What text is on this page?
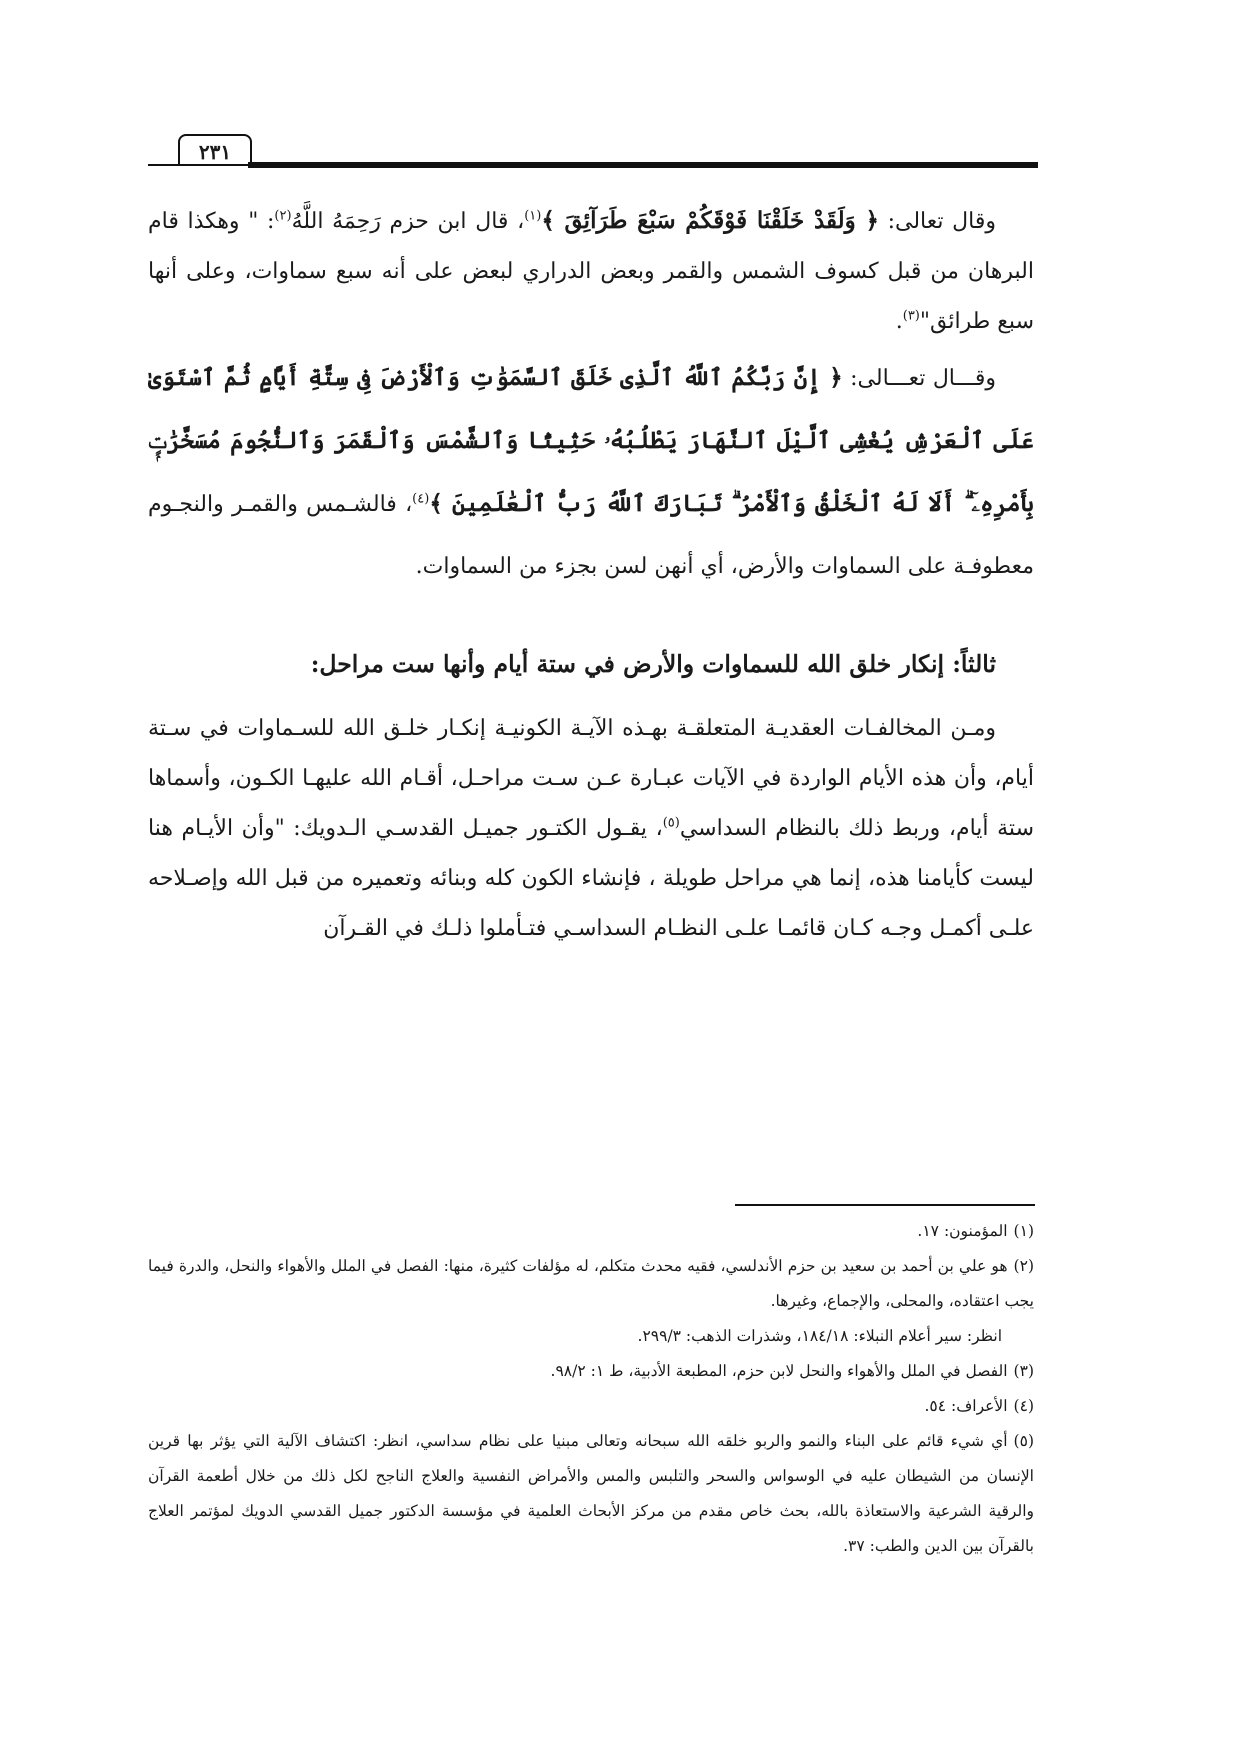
٢٣١

وقال تعالى: ﴿ وَلَقَدْ خَلَقْنَا فَوْقَكُمْ سَبْعَ طَرَآئِقَ ﴾$^{(١)}$، قال ابن حزم رَحِمَهُ اللَّهُ$^{(٢)}$: " وهكذا قام البرهان من قبل كسوف الشمس والقمر وبعض الدراري لبعض على أنه سبع سماوات، وعلى أنها سبع طرائق"$^{(٣)}$.

وقـــال تعـــالى: ﴿ إِنَّ رَبَّكُمُ ٱللَّهُ ٱلَّذِى خَلَقَ ٱلسَّمَوَٰتِ وَٱلْأَرْضَ فِى سِتَّةِ أَيَّامٍ ثُمَّ ٱسْتَوَىٰ عَلَى ٱلْعَرْشِ يُغْشِى ٱلَّيْلَ ٱلنَّهَارَ يَطْلُبُهُۥ حَثِيثًا وَٱلشَّمْسَ وَٱلْقَمَرَ وَٱلنُّجُومَ مُسَخَّرَٰتٍۭ بِأَمْرِهِۦٓ ۗ أَلَا لَهُ ٱلْخَلْقُ وَٱلْأَمْرُ ۗ تَبَارَكَ ٱللَّهُ رَبُّ ٱلْعَٰلَمِينَ ﴾$^{(٤)}$، فالشـمس والقمـر والنجـوم معطوفـة على السماوات والأرض، أي أنهن لسن بجزء من السماوات.

ثالثاً: إنكار خلق الله للسماوات والأرض في ستة أيام وأنها ست مراحل:

ومـن المخالفـات العقديـة المتعلقـة بهـذه الآيـة الكونيـة إنكـار خلـق الله للسـماوات في سـتة أيام، وأن هذه الأيام الواردة في الآيات عبـارة عـن سـت مراحـل، أقـام الله عليهـا الكـون، وأسماها ستة أيام، وربط ذلك بالنظام السداسي$^{(٥)}$، يقـول الكتـور جميـل القدسـي الـدويك: "وأن الأيـام هنا ليست كأيامنا هذه، إنما هي مراحل طويلة ، فإنشاء الكون كله وبنائه وتعميره من قبل الله وإصـلاحه علـى أكمـل وجـه كـان قائمـا علـى النظـام السداسـي فتـأملوا ذلـك في القـرآن

(١)المؤمنون: ١٧.

(٢)هو علي بن أحمد بن سعيد بن حزم الأندلسي، فقيه محدث متكلم، له مؤلفات كثيرة، منها: الفصل في الملل والأهواء والنحل، والدرة فيما يجب اعتقاده، والمحلى، والإجماع، وغيرها.

انظر: سير أعلام النبلاء: ١٨٤/١٨، وشذرات الذهب: ٢٩٩/٣.

(٣)الفصل في الملل والأهواء والنحل لابن حزم، المطبعة الأدبية، ط ١: ٩٨/٢.

(٤)الأعراف: ٥٤.

(٥)أي شيء قائم على البناء والنمو والربو خلقه الله سبحانه وتعالى مبنيا على نظام سداسي، انظر: اكتشاف الآلية التي يؤثر بها قرين الإنسان من الشيطان عليه في الوسواس والسحر والتلبس والمس والأمراض النفسية والعلاج الناجح لكل ذلك من خلال أطعمة القرآن والرقية الشرعية والاستعاذة بالله، بحث خاص مقدم من مركز الأبحاث العلمية في مؤسسة الدكتور جميل القدسي الدويك لمؤتمر العلاج بالقرآن بين الدين والطب: ٣٧.
